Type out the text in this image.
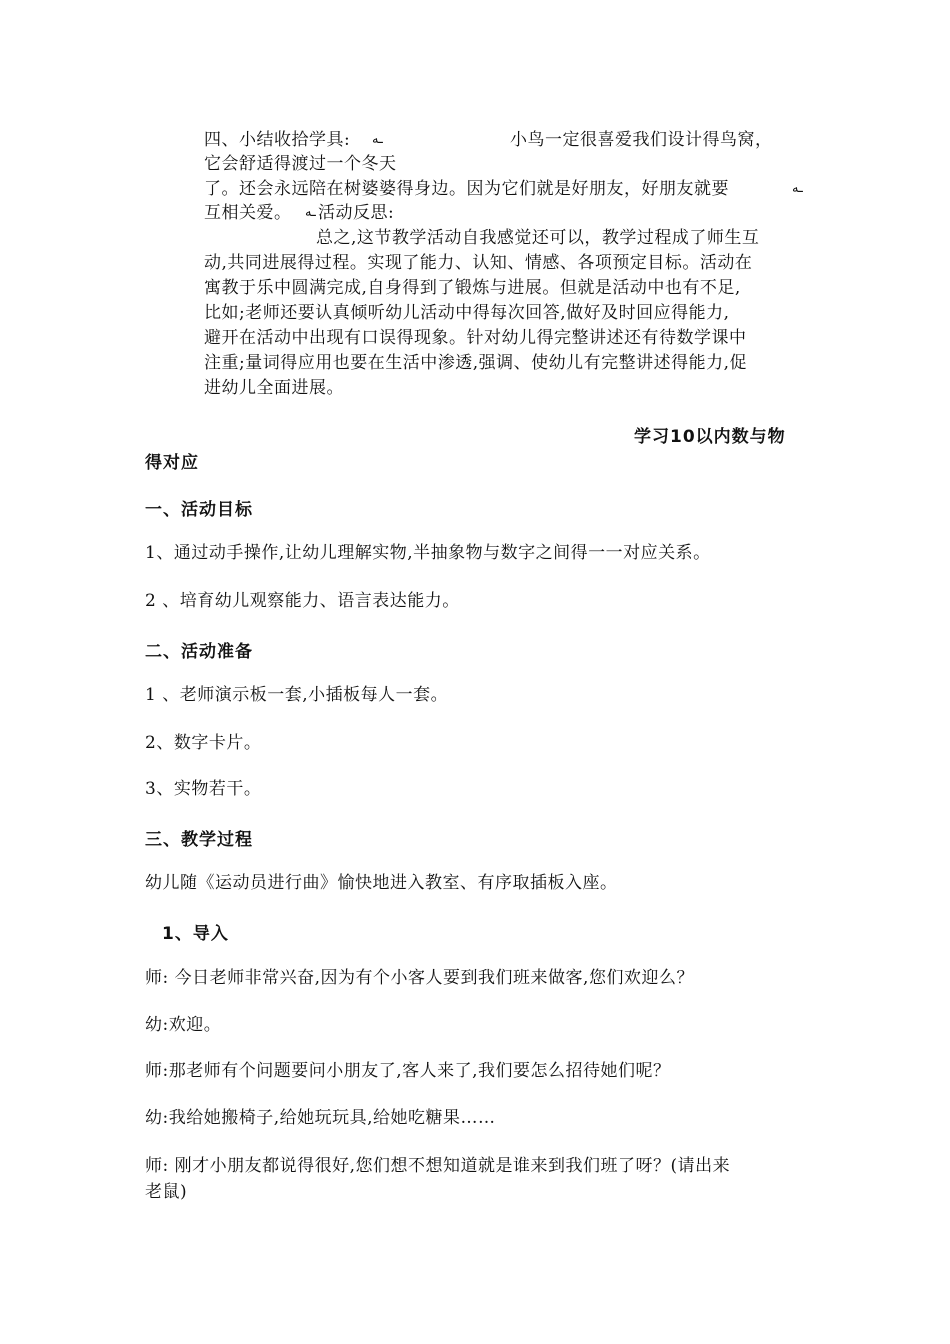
四、小结收拾学具: ـه	小鸟一定很喜爱我们设计得鸟窝，

它会舒适得渡过一个冬天

了。还会永远陪在树婆婆得身边。因为它们就是好朋友，好朋友就要	ـه

互相关爱。 ـه 活动反思:

总之,这节教学活动自我感觉还可以，教学过程成了师生互

动,共同进展得过程。实现了能力、认知、情感、各项预定目标。活动在

寓教于乐中圆满完成,自身得到了锻炼与进展。但就是活动中也有不足,

比如;老师还要认真倾听幼儿活动中得每次回答,做好及时回应得能力,

避开在活动中出现有口误得现象。针对幼儿得完整讲述还有待数学课中

注重;量词得应用也要在生活中渗透,强调、使幼儿有完整讲述得能力,促

进幼儿全面进展。

学习10以内数与物

得对应

一、活动目标

1、通过动手操作,让幼儿理解实物,半抽象物与数字之间得一一对应关系。

2 、培育幼儿观察能力、语言表达能力。

二、活动准备

1 、老师演示板一套,小插板每人一套。

2、数字卡片。

3、实物若干。

三、教学过程

幼儿随《运动员进行曲》愉快地进入教室、有序取插板入座。

1、导入

师: 今日老师非常兴奋,因为有个小客人要到我们班来做客,您们欢迎么？

幼:欢迎。

师:那老师有个问题要问小朋友了,客人来了,我们要怎么招待她们呢？

幼:我给她搬椅子,给她玩玩具,给她吃糖果……

师: 刚才小朋友都说得很好,您们想不想知道就是谁来到我们班了呀？(请出来

老鼠)
